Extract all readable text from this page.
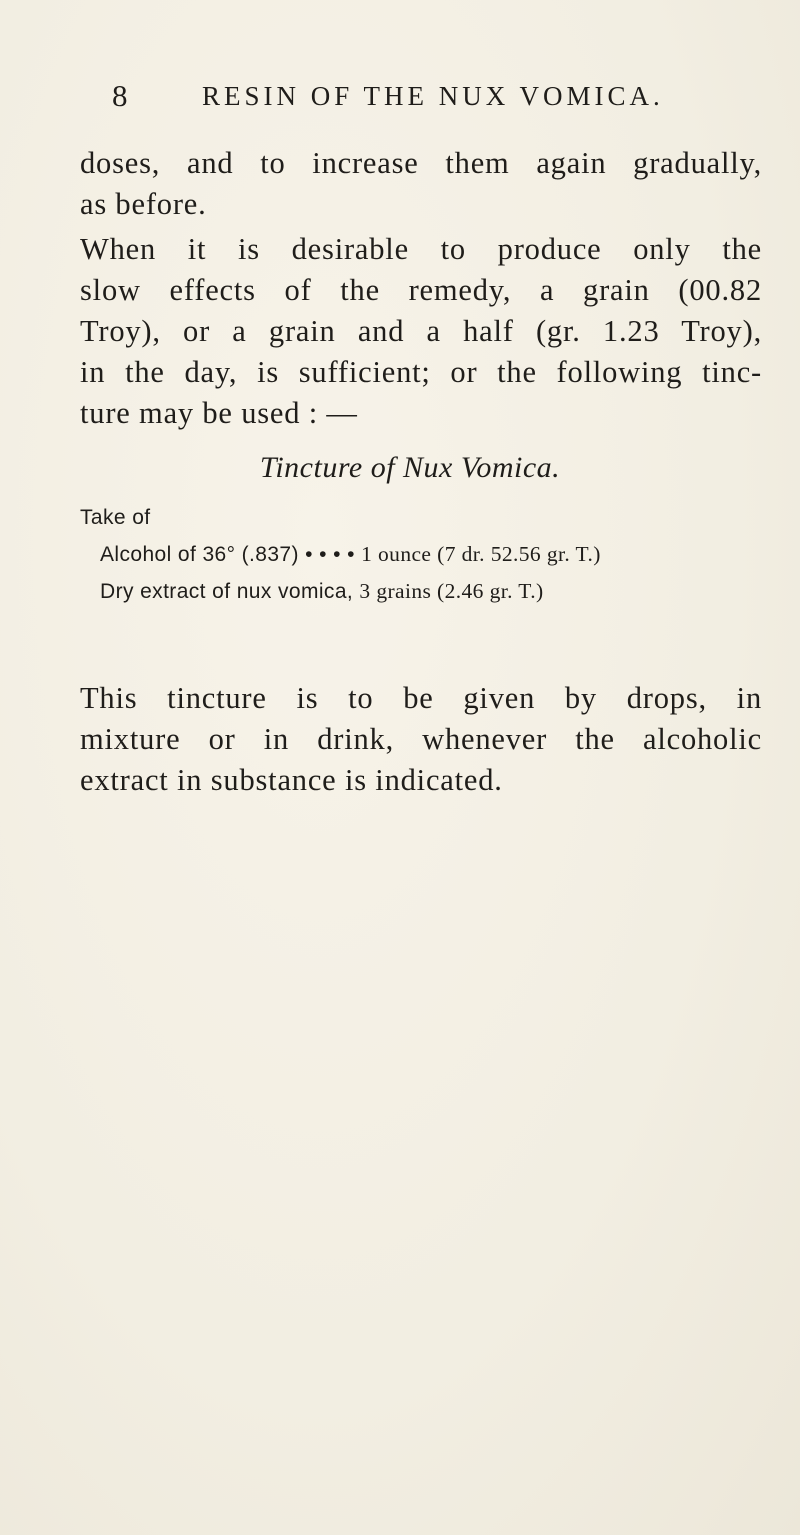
8	RESIN OF THE NUX VOMICA.

doses, and to increase them again gradually,
as before.

When it is desirable to produce only the
slow effects of the remedy, a grain (00.82
Troy), or a grain and a half (gr. 1.23 Troy),
in the day, is sufficient; or the following tinc-
ture may be used : —

Tincture of Nux Vomica.
Take of
Alcohol of 36° (.837) • • • • 1 ounce (7 dr. 52.56 gr. T.)
Dry extract of nux vomica, 3 grains (2.46 gr. T.)

This tincture is to be given by drops, in
mixture or in drink, whenever the alcoholic
extract in substance is indicated.
